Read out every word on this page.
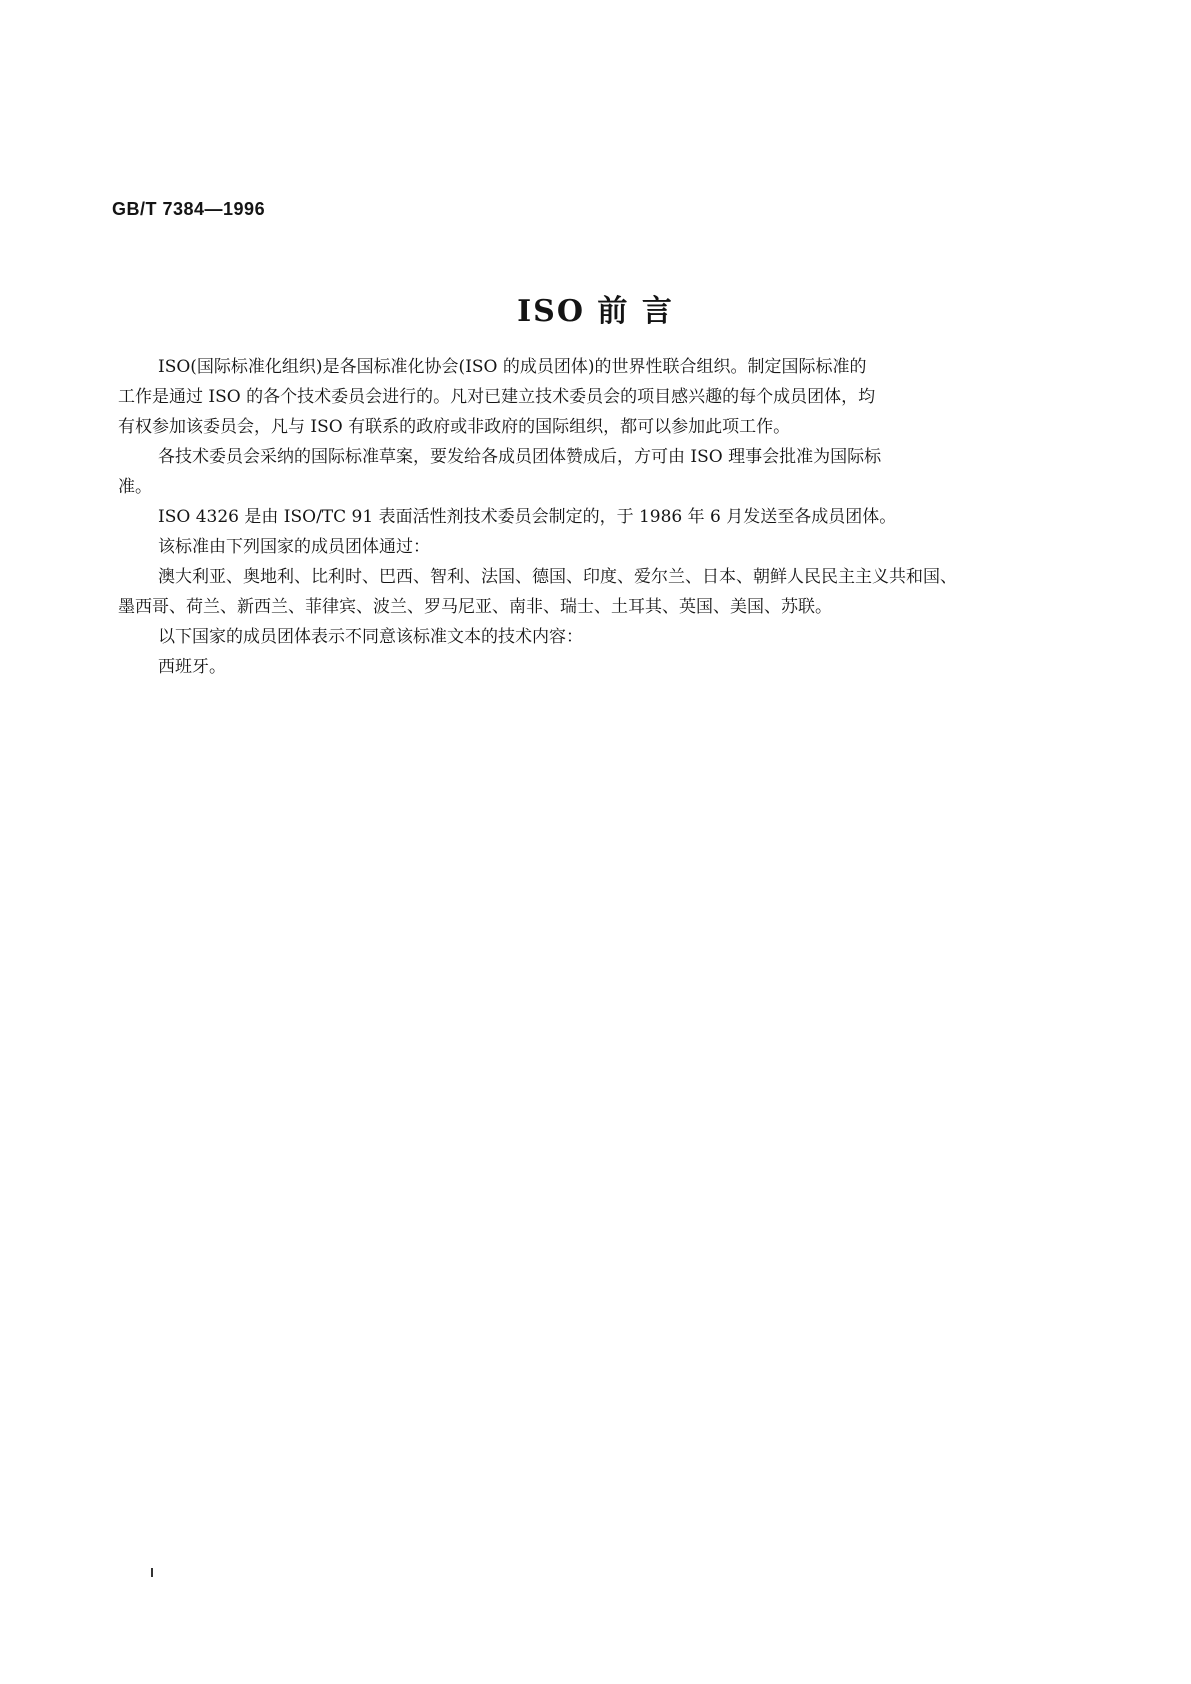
GB/T 7384—1996
ISO 前 言

ISO(国际标准化组织)是各国标准化协会(ISO 的成员团体)的世界性联合组织。制定国际标准的
工作是通过 ISO 的各个技术委员会进行的。凡对已建立技术委员会的项目感兴趣的每个成员团体，均
有权参加该委员会，凡与 ISO 有联系的政府或非政府的国际组织，都可以参加此项工作。

各技术委员会采纳的国际标准草案，要发给各成员团体赞成后，方可由 ISO 理事会批准为国际标
准。

ISO 4326 是由 ISO/TC 91 表面活性剂技术委员会制定的，于 1986 年 6 月发送至各成员团体。

该标准由下列国家的成员团体通过：

澳大利亚、奥地利、比利时、巴西、智利、法国、德国、印度、爱尔兰、日本、朝鲜人民民主主义共和国、
墨西哥、荷兰、新西兰、菲律宾、波兰、罗马尼亚、南非、瑞士、土耳其、英国、美国、苏联。

以下国家的成员团体表示不同意该标准文本的技术内容：

西班牙。
